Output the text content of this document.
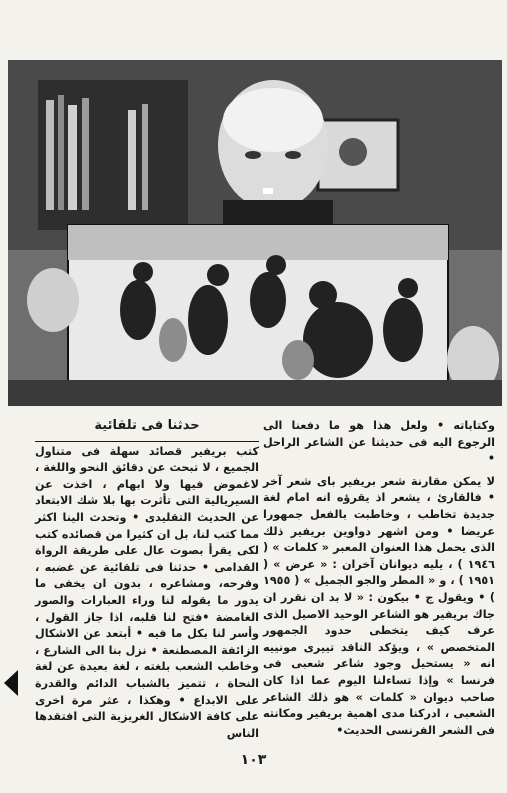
وكتاباته • ولعل هذا هو ما دفعنا الى الرجوع اليه فى حديثنا عن الشاعر الراحل •

لا يمكن مقارنة شعر بريفير باى شعر آخر • فالقارئ ، يشعر اذ يقرؤه انه امام لغة جديدة تخاطب ، وخاطبت بالفعل جمهورا عريضا • ومن اشهر دواوين بريفير ذلك الذى يحمل هذا العنوان المعبر « كلمات » ( ١٩٤٦ ) ، يليه ديوانان آخران : « عرض » ( ١٩٥١ ) ، و « المطر والجو الجميل » ( ١٩٥٥ ) • ويقول ج • بيكون : « لا بد ان نقرر ان جاك بريفير هو الشاعر الوحيد الاصيل الذى عرف كيف يتخطى حدود الجمهور المتخصص » ، ويؤكد الناقد تييرى مونييه انه « يستحيل وجود شاعر شعبى فى فرنسا » وإذا تساءلنا اليوم عما اذا كان صاحب ديوان « كلمات » هو ذلك الشاعر الشعبى ، ادركنا مدى اهمية بريفير ومكانته فى الشعر الفرنسى الحديث•

حدثنا فى تلقائية

كتب بريفير قصائد سهلة فى متناول الجميع ، لا تبحث عن دقائق النحو واللغة ، لاغموض فيها ولا ابهام ، اخذت عن السيريالية التى تأثرت بها بلا شك الابتعاد عن الحديث التقليدى • وتحدث الينا اكثر مما كتب لنا، بل ان كثيرا من قصائده كتب لكى يقرأ بصوت عال على طريقة الرواة القدامى • حدثنا فى تلقائية عن غضبه ، وفرحه، ومشاعره ، بدون ان يخفى ما يدور ما يقوله لنا وراء العبارات والصور الغامضة •فتح لنا قلبه، اذا جاز القول ، وأسر لنا بكل ما فيه • أبتعد عن الاشكال الزائفة المصطنعة • نزل بنا الى الشارع ، وخاطب الشعب بلغته ، لغة بعيدة عن لغة النحاة ، تتميز بالشباب الدائم والقدرة على الابداع • وهكذا ، عثر مرة اخرى على كافة الاشكال الغريزية التى افتقدها الناس

١٠٣
